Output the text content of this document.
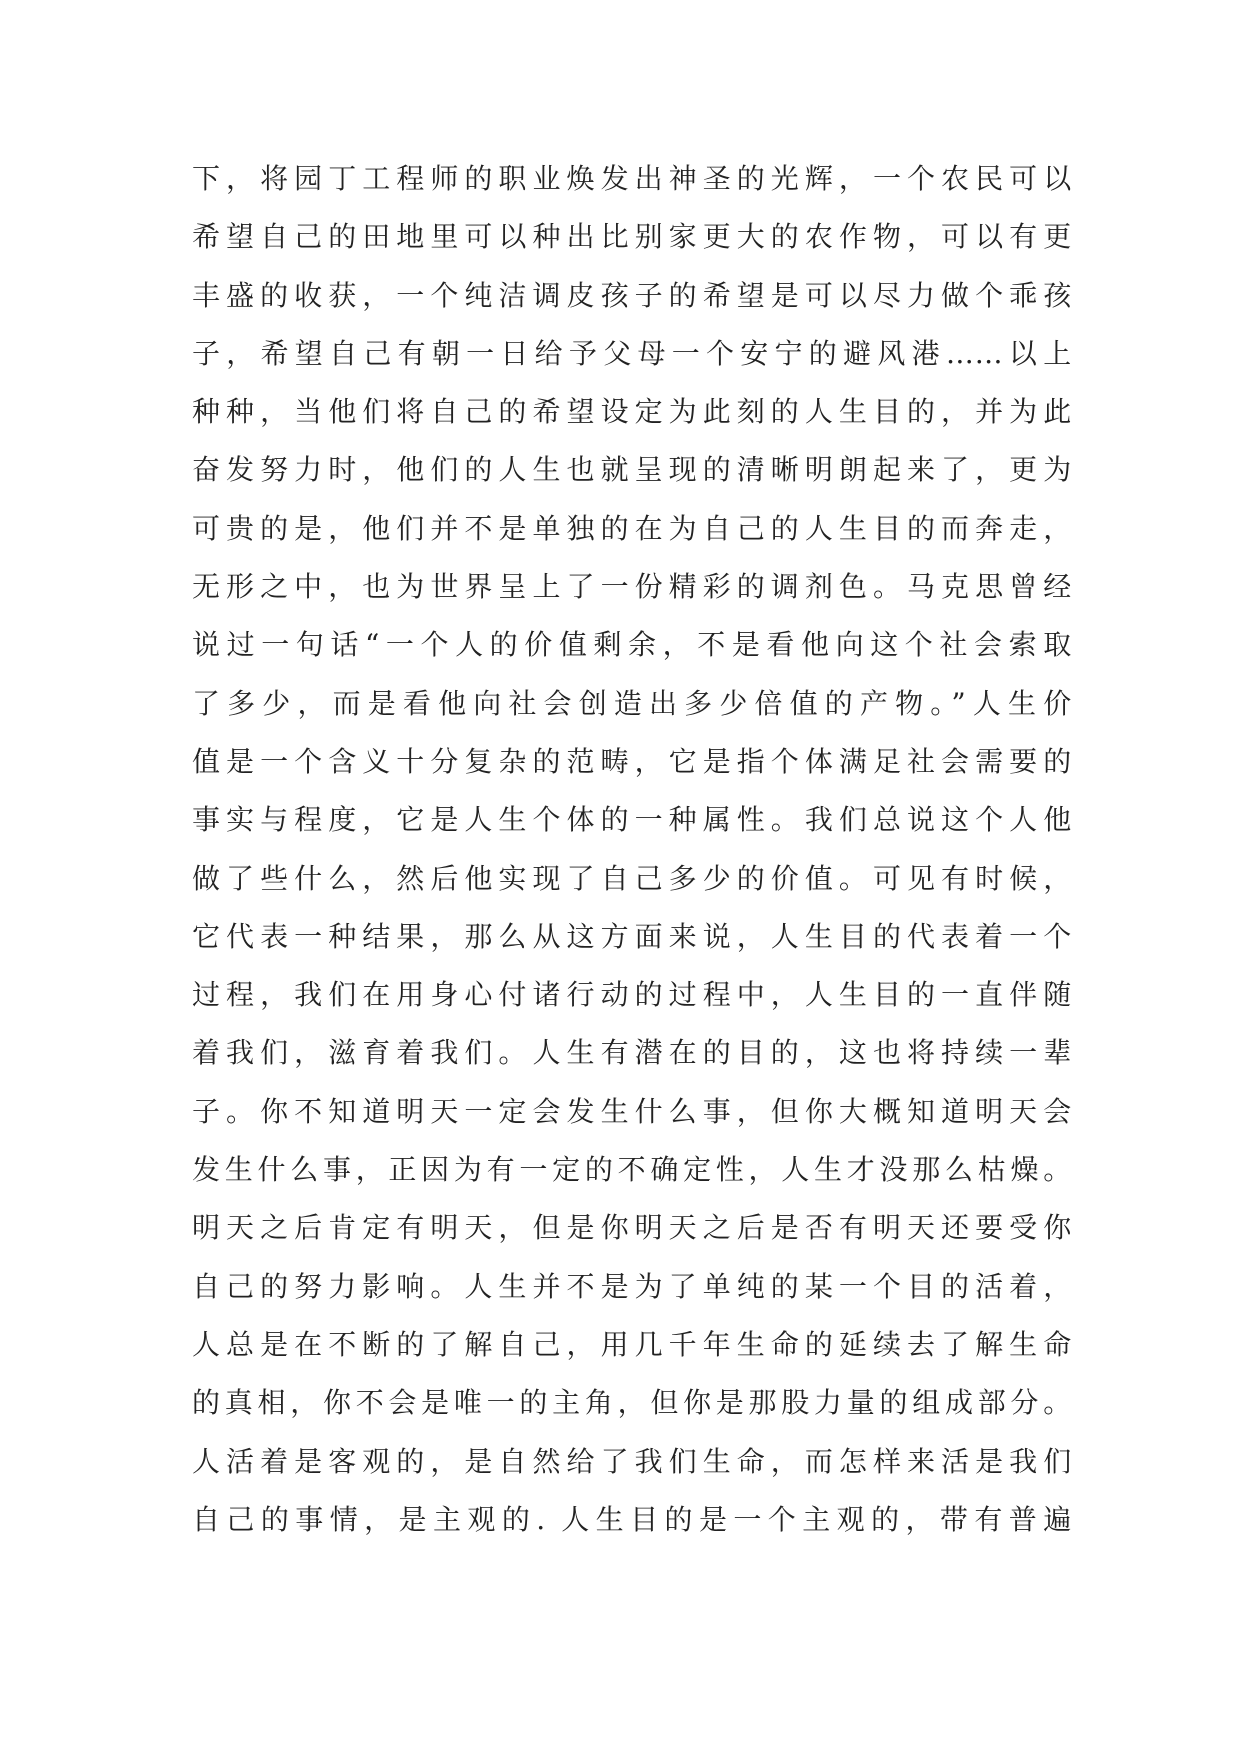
下，将园丁工程师的职业焕发出神圣的光辉，一个农民可以
希望自己的田地里可以种出比别家更大的农作物，可以有更
丰盛的收获，一个纯洁调皮孩子的希望是可以尽力做个乖孩
子，希望自己有朝一日给予父母一个安宁的避风港……以上
种种，当他们将自己的希望设定为此刻的人生目的，并为此
奋发努力时，他们的人生也就呈现的清晰明朗起来了，更为
可贵的是，他们并不是单独的在为自己的人生目的而奔走，
无形之中，也为世界呈上了一份精彩的调剂色。马克思曾经
说过一句话“一个人的价值剩余，不是看他向这个社会索取
了多少，而是看他向社会创造出多少倍值的产物。”人生价
值是一个含义十分复杂的范畴，它是指个体满足社会需要的
事实与程度，它是人生个体的一种属性。我们总说这个人他
做了些什么，然后他实现了自己多少的价值。可见有时候，
它代表一种结果，那么从这方面来说，人生目的代表着一个
过程，我们在用身心付诸行动的过程中，人生目的一直伴随
着我们，滋育着我们。人生有潜在的目的，这也将持续一辈
子。你不知道明天一定会发生什么事，但你大概知道明天会
发生什么事，正因为有一定的不确定性，人生才没那么枯燥。
明天之后肯定有明天，但是你明天之后是否有明天还要受你
自己的努力影响。人生并不是为了单纯的某一个目的活着，
人总是在不断的了解自己，用几千年生命的延续去了解生命
的真相，你不会是唯一的主角，但你是那股力量的组成部分。
人活着是客观的，是自然给了我们生命，而怎样来活是我们
自己的事情，是主观的. 人生目的是一个主观的，带有普遍
